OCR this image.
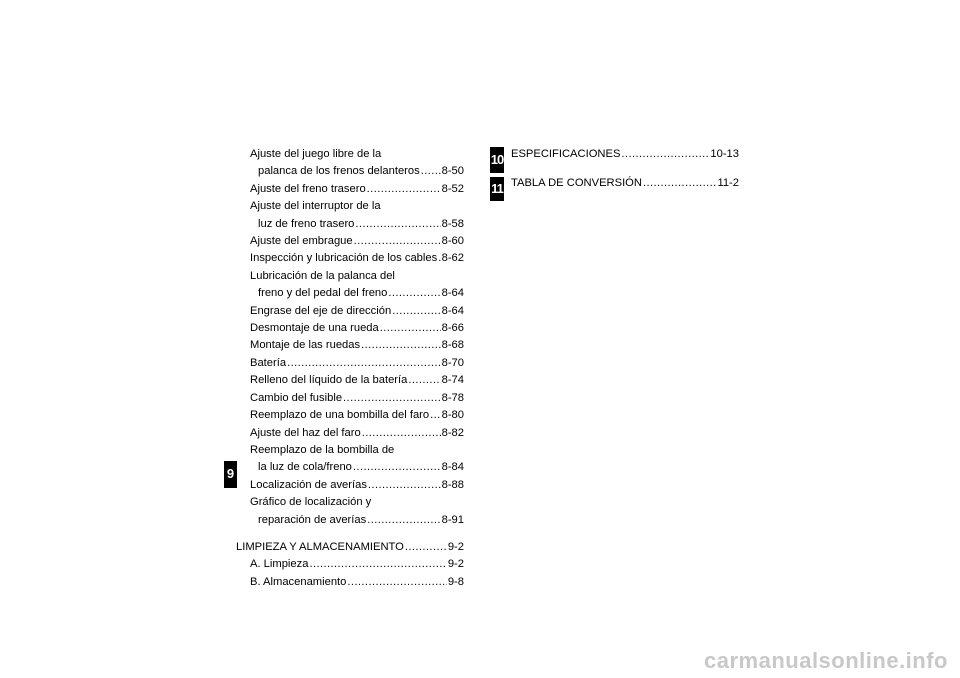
9
10
11
Ajuste del juego libre de la
palanca de los frenos delanteros ..... 8-50
Ajuste del freno trasero .....	8-52
Ajuste del interruptor de la
luz de freno trasero .....	8-58
Ajuste del embrague .....	8-60
Inspección y lubricación de los cables ..... 8-62
Lubricación de la palanca del
freno y del pedal del freno .....	8-64
Engrase del eje de dirección .....	8-64
Desmontaje de una rueda .....	8-66
Montaje de las ruedas .....	8-68
Batería .....	8-70
Relleno del líquido de la batería .....	8-74
Cambio del fusible .....	8-78
Reemplazo de una bombilla del faro ..... 8-80
Ajuste del haz del faro .....	8-82
Reemplazo de la bombilla de
la luz de cola/freno .....	8-84
Localización de averías .....	8-88
Gráfico de localización y
reparación de averías .....	8-91
LIMPIEZA Y ALMACENAMIENTO .....	9-2
A. Limpieza .....	9-2
B. Almacenamiento .....	9-8
ESPECIFICACIONES .....	10-13
TABLA DE CONVERSIÓN .....	11-2
carmanualsonline.info
